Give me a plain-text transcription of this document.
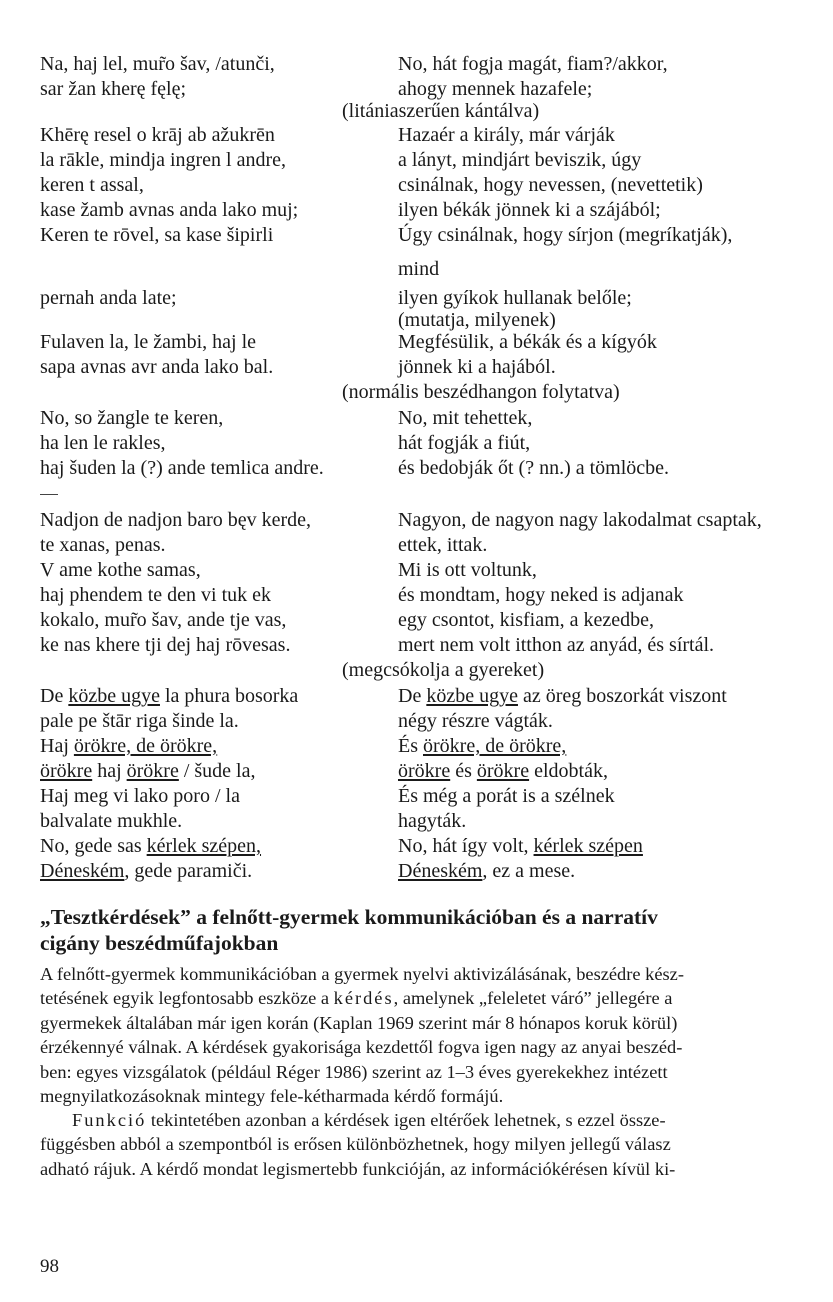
Na, haj lel, mur̃o šav, /atunči,
sar žan kherę fęlę;
Khērę resel o krāj ab ažukrēn
la rākle, mindja ingren l andre,
keren t assal,
kase žamb avnas anda lako muj;
Keren te rōvel, sa kase šipirli
pernah anda late;
Fulaven la, le žambi, haj le
sapa avnas avr anda lako bal.
No, so žangle te keren,
ha len le rakles,
haj šuden la (?) ande temlica andre.
Nadjon de nadjon baro bęv kerde,
te xanas, penas.
V ame kothe samas,
haj phendem te den vi tuk ek
kokalo, mur̃o šav, ande tje vas,
ke nas khere tji dej haj rōvesas.
De közbe ugye la phura bosorka
pale pe štār riga šinde la.
Haj örökre, de örökre,
örökre haj örökre / šude la,
Haj meg vi lako poro / la
balvalate mukhle.
No, gede sas kérlek szépen,
Déneském, gede paramiči.
No, hát fogja magát, fiam?/akkor,
ahogy mennek hazafele;
(litániaszerűen kántálva)
Hazaér a király, már várják
a lányt, mindjárt beviszik, úgy
csinálnak, hogy nevessen, (nevettetik)
ilyen békák jönnek ki a szájából;
Úgy csinálnak, hogy sírjon (megríkatják),
mind
ilyen gyíkok hullanak belőle;
(mutatja, milyenek)
Megfésülik, a békák és a kígyók
jönnek ki a hajából.
(normális beszédhangon folytatva)
No, mit tehettek,
hát fogják a fiút,
és bedobják őt (? nn.) a tömlöcbe.
Nagyon, de nagyon nagy lakodalmat csaptak,
ettek, ittak.
Mi is ott voltunk,
és mondtam, hogy neked is adjanak
egy csontot, kisfiam, a kezedbe,
mert nem volt itthon az anyád, és sírtál.
(megcsókolja a gyereket)
De közbe ugye az öreg boszorkát viszont
négy részre vágták.
És örökre, de örökre,
örökre és örökre eldobták,
És még a porát is a szélnek
hagyták.
No, hát így volt, kérlek szépen
Déneském, ez a mese.
„Tesztkérdések” a felnőtt-gyermek kommunikációban és a narratív
cigány beszédműfajokban
A felnőtt-gyermek kommunikációban a gyermek nyelvi aktivizálásának, beszédre kész-
tetésének egyik legfontosabb eszköze a kérdés, amelynek „feleletet váró” jellegére a
gyermekek általában már igen korán (Kaplan 1969 szerint már 8 hónapos koruk körül)
érzékennyé válnak. A kérdések gyakorisága kezdettől fogva igen nagy az anyai beszéd-
ben: egyes vizsgálatok (például Réger 1986) szerint az 1–3 éves gyerekekhez intézett
megnyilatkozásoknak mintegy fele-kétharmada kérdő formájú.
Funkció tekintetében azonban a kérdések igen eltérőek lehetnek, s ezzel össze-
függésben abból a szempontból is erősen különbözhetnek, hogy milyen jellegű válasz
adható rájuk. A kérdő mondat legismertebb funkcióján, az információkérésen kívül ki-
98
